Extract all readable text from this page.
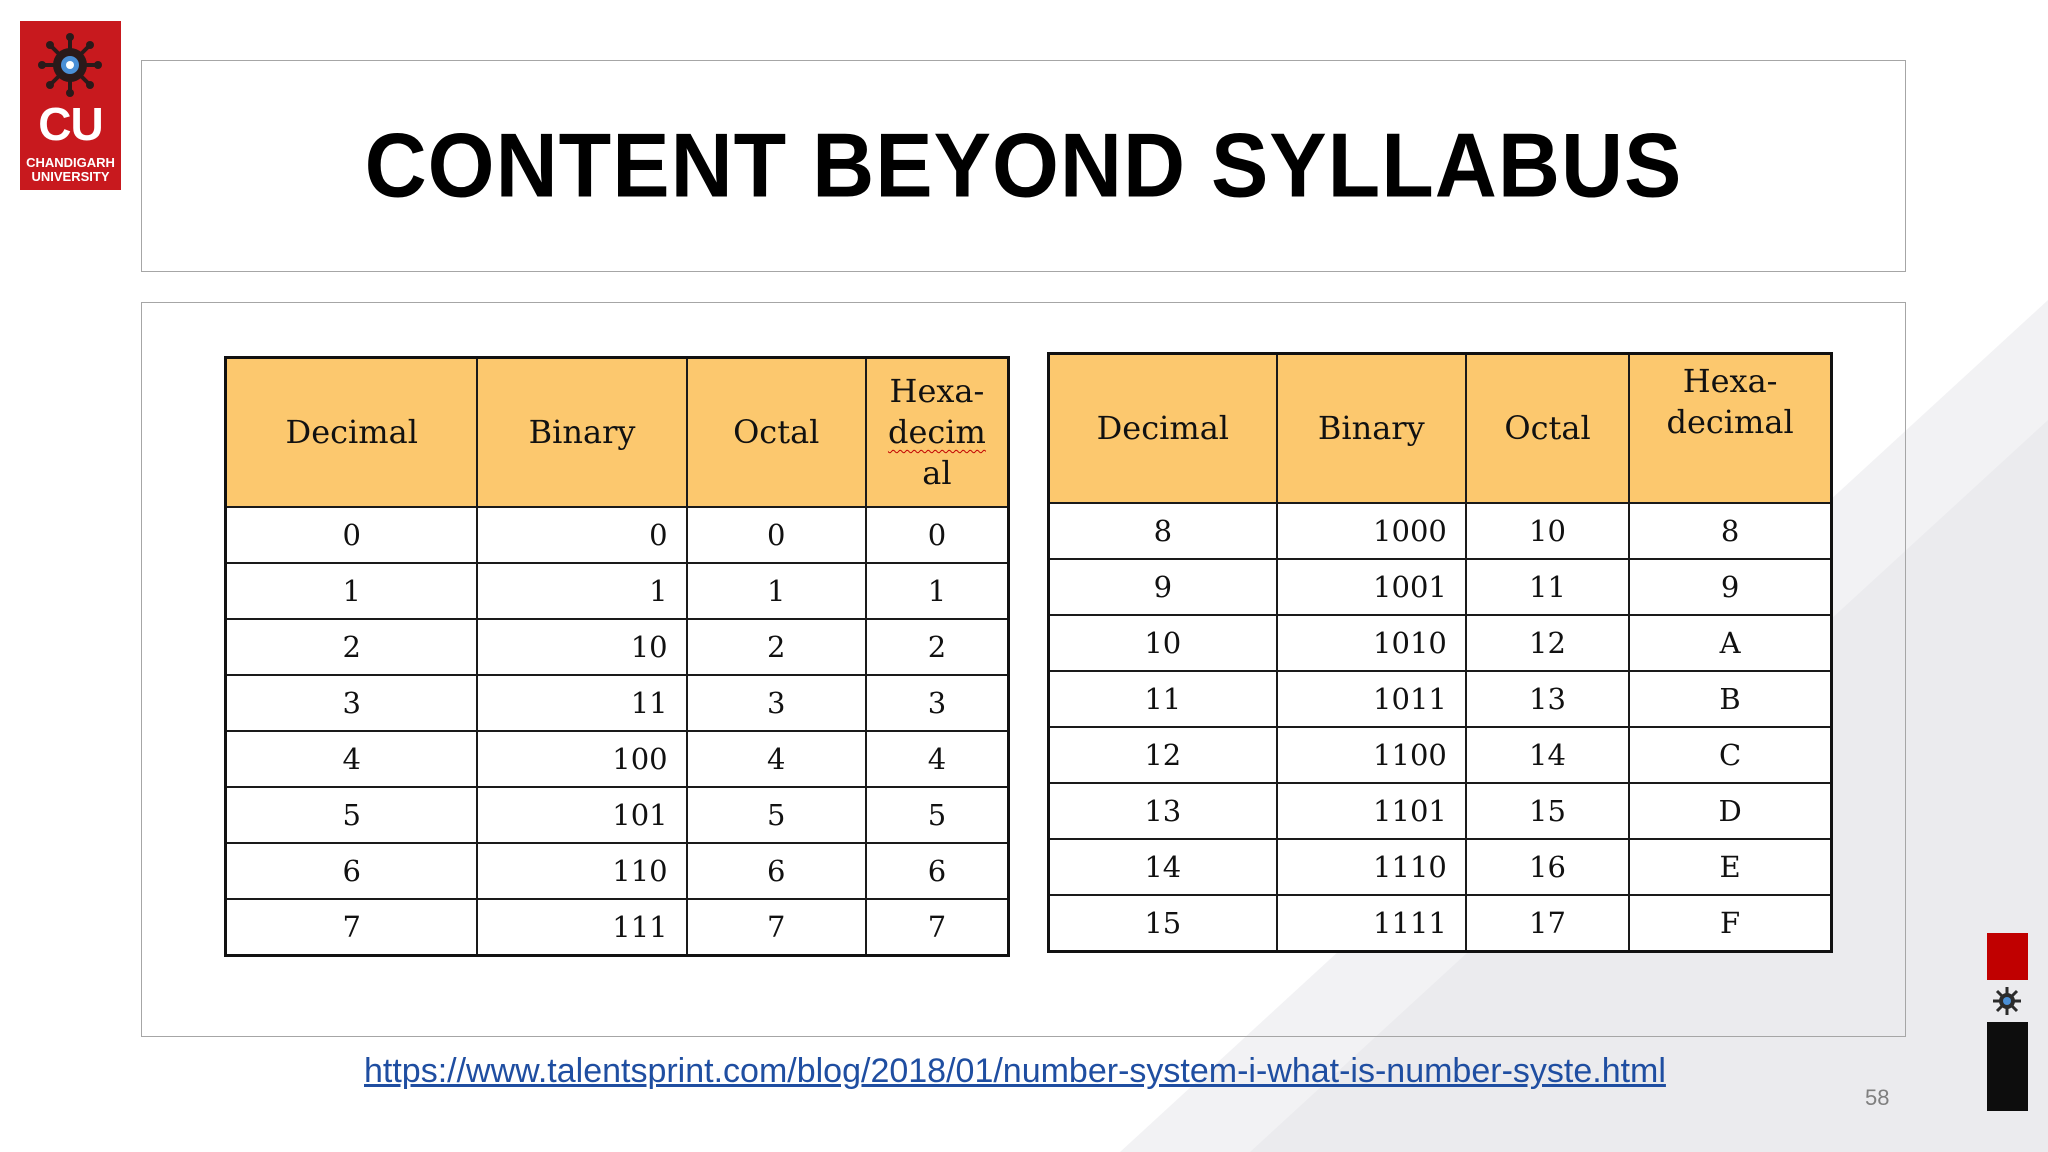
CU
CHANDIGARH
UNIVERSITY	CONTENT BEYOND SYLLABUS
Decimal	Binary	Octal	Hexa-
decim
al
0	0	0	0
1	1	1	1
2	10	2	2
3	11	3	3
4	100	4	4
5	101	5	5
6	110	6	6
7	111	7	7
Decimal	Binary	Octal	Hexa-
decimal
8	1000	10	8
9	1001	11	9
10	1010	12	A
11	1011	13	B
12	1100	14	C
13	1101	15	D
14	1110	16	E
15	1111	17	F
https://www.talentsprint.com/blog/2018/01/number-system-i-what-is-number-syste.html
58
